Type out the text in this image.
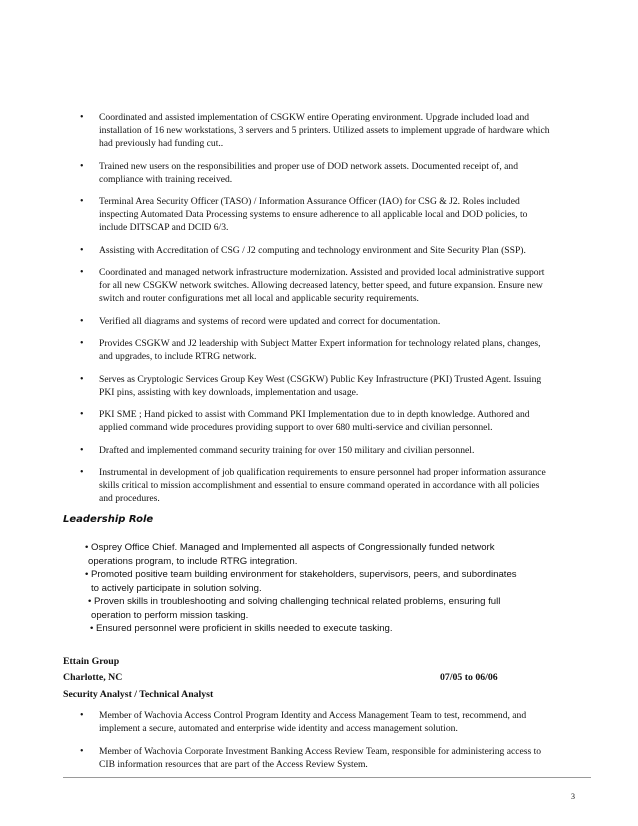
• Coordinated and assisted implementation of CSGKW entire Operating environment. Upgrade included load and installation of 16 new workstations, 3 servers and 5 printers. Utilized assets to implement upgrade of hardware which had previously had funding cut..
• Trained new users on the responsibilities and proper use of DOD network assets. Documented receipt of, and compliance with training received.
• Terminal Area Security Officer (TASO) / Information Assurance Officer (IAO) for CSG & J2. Roles included inspecting Automated Data Processing systems to ensure adherence to all applicable local and DOD policies, to include DITSCAP and DCID 6/3.
• Assisting with Accreditation of CSG / J2 computing and technology environment and Site Security Plan (SSP).
• Coordinated and managed network infrastructure modernization. Assisted and provided local administrative support for all new CSGKW network switches. Allowing decreased latency, better speed, and future expansion. Ensure new switch and router configurations met all local and applicable security requirements.
• Verified all diagrams and systems of record were updated and correct for documentation.
• Provides CSGKW and J2 leadership with Subject Matter Expert information for technology related plans, changes, and upgrades, to include RTRG network.
• Serves as Cryptologic Services Group Key West (CSGKW) Public Key Infrastructure (PKI) Trusted Agent. Issuing PKI pins, assisting with key downloads, implementation and usage.
• PKI SME ; Hand picked to assist with Command PKI Implementation due to in depth knowledge. Authored and applied command wide procedures providing support to over 680 multi-service and civilian personnel.
• Drafted and implemented command security training for over 150 military and civilian personnel.
• Instrumental in development of job qualification requirements to ensure personnel had proper information assurance skills critical to mission accomplishment and essential to ensure command operated in accordance with all policies and procedures.
Leadership Role
• Osprey Office Chief. Managed and Implemented all aspects of Congressionally funded network
operations program, to include RTRG integration.
• Promoted positive team building environment for stakeholders, supervisors, peers, and subordinates
to actively participate in solution solving.
• Proven skills in troubleshooting and solving challenging technical related problems, ensuring full
operation to perform mission tasking.
• Ensured personnel were proficient in skills needed to execute tasking.
Ettain Group
Charlotte, NC	07/05 to 06/06
Security Analyst / Technical Analyst
• Member of Wachovia Access Control Program Identity and Access Management Team to test, recommend, and implement a secure, automated and enterprise wide identity and access management solution.
• Member of Wachovia Corporate Investment Banking Access Review Team, responsible for administering access to CIB information resources that are part of the Access Review System.
3
